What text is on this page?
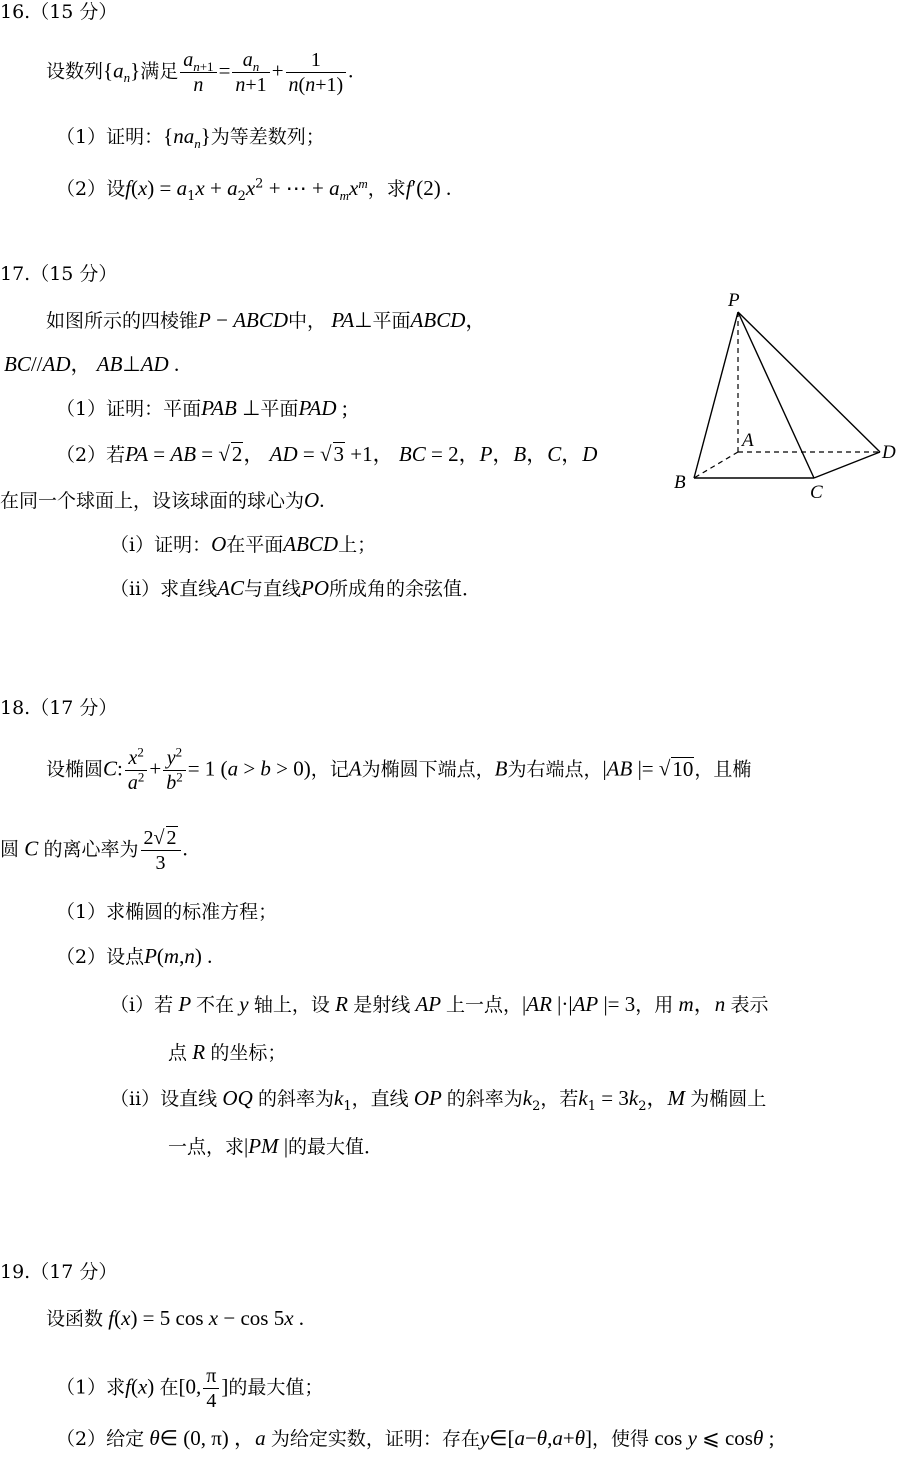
16.（15 分）
设数列$\{a_n\}$满足 $\frac{a_{n+1}}{n} = \frac{a_n}{n+1} + \frac{1}{n(n+1)}$ .
（1）证明：$\{na_n\}$为等差数列；
（2）设$f(x) = a_1x + a_2x^2$ + ⋯ + $a_mx^m$，求f′(2) .
17.（15 分）
如图所示的四棱锥P − ABCD中， PA⊥平面ABCD，
BC//AD， AB⊥AD .
（1）证明：平面PAB ⊥平面PAD ;
（2）若PA = AB = √2， AD = √3 +1， BC = 2，P，B，C，D
在同一个球面上，设该球面的球心为O.
（ⅰ）证明：O在平面ABCD上；
（ⅱ）求直线AC与直线PO所成角的余弦值．
P
A
B	C
D
18.（17 分）
设椭圆C: $\frac{x^2}{a^2} + \frac{y^2}{b^2} = 1$ (a > b > 0)，记A为椭圆下端点，B为右端点，|AB |= √10，且椭
圆 C 的离心率为 $\frac{2√ 2}{3}$ .
（1）求椭圆的标准方程；
（2）设点P(m,n) .
（ⅰ）若 P 不在 y 轴上，设 R 是射线 AP 上一点，|AR |·|AP |= 3，用 m，n 表示
点 R 的坐标；
（ⅱ）设直线 OQ 的斜率为$k_1$，直线 OP 的斜率为$k_2$，若$k_1 = 3k_2$，M 为椭圆上
一点，求|PM |的最大值．
19.（17 分）
设函数 f(x) = 5 cos x − cos 5x .
（1）求f(x) 在[0, $\frac{\pi}{4}$ ]的最大值；
（2）给定 θ∈ (0, π) ，a 为给定实数，证明：存在y∈[a−θ,a+θ]，使得 cos y ⩽ cosθ ;
